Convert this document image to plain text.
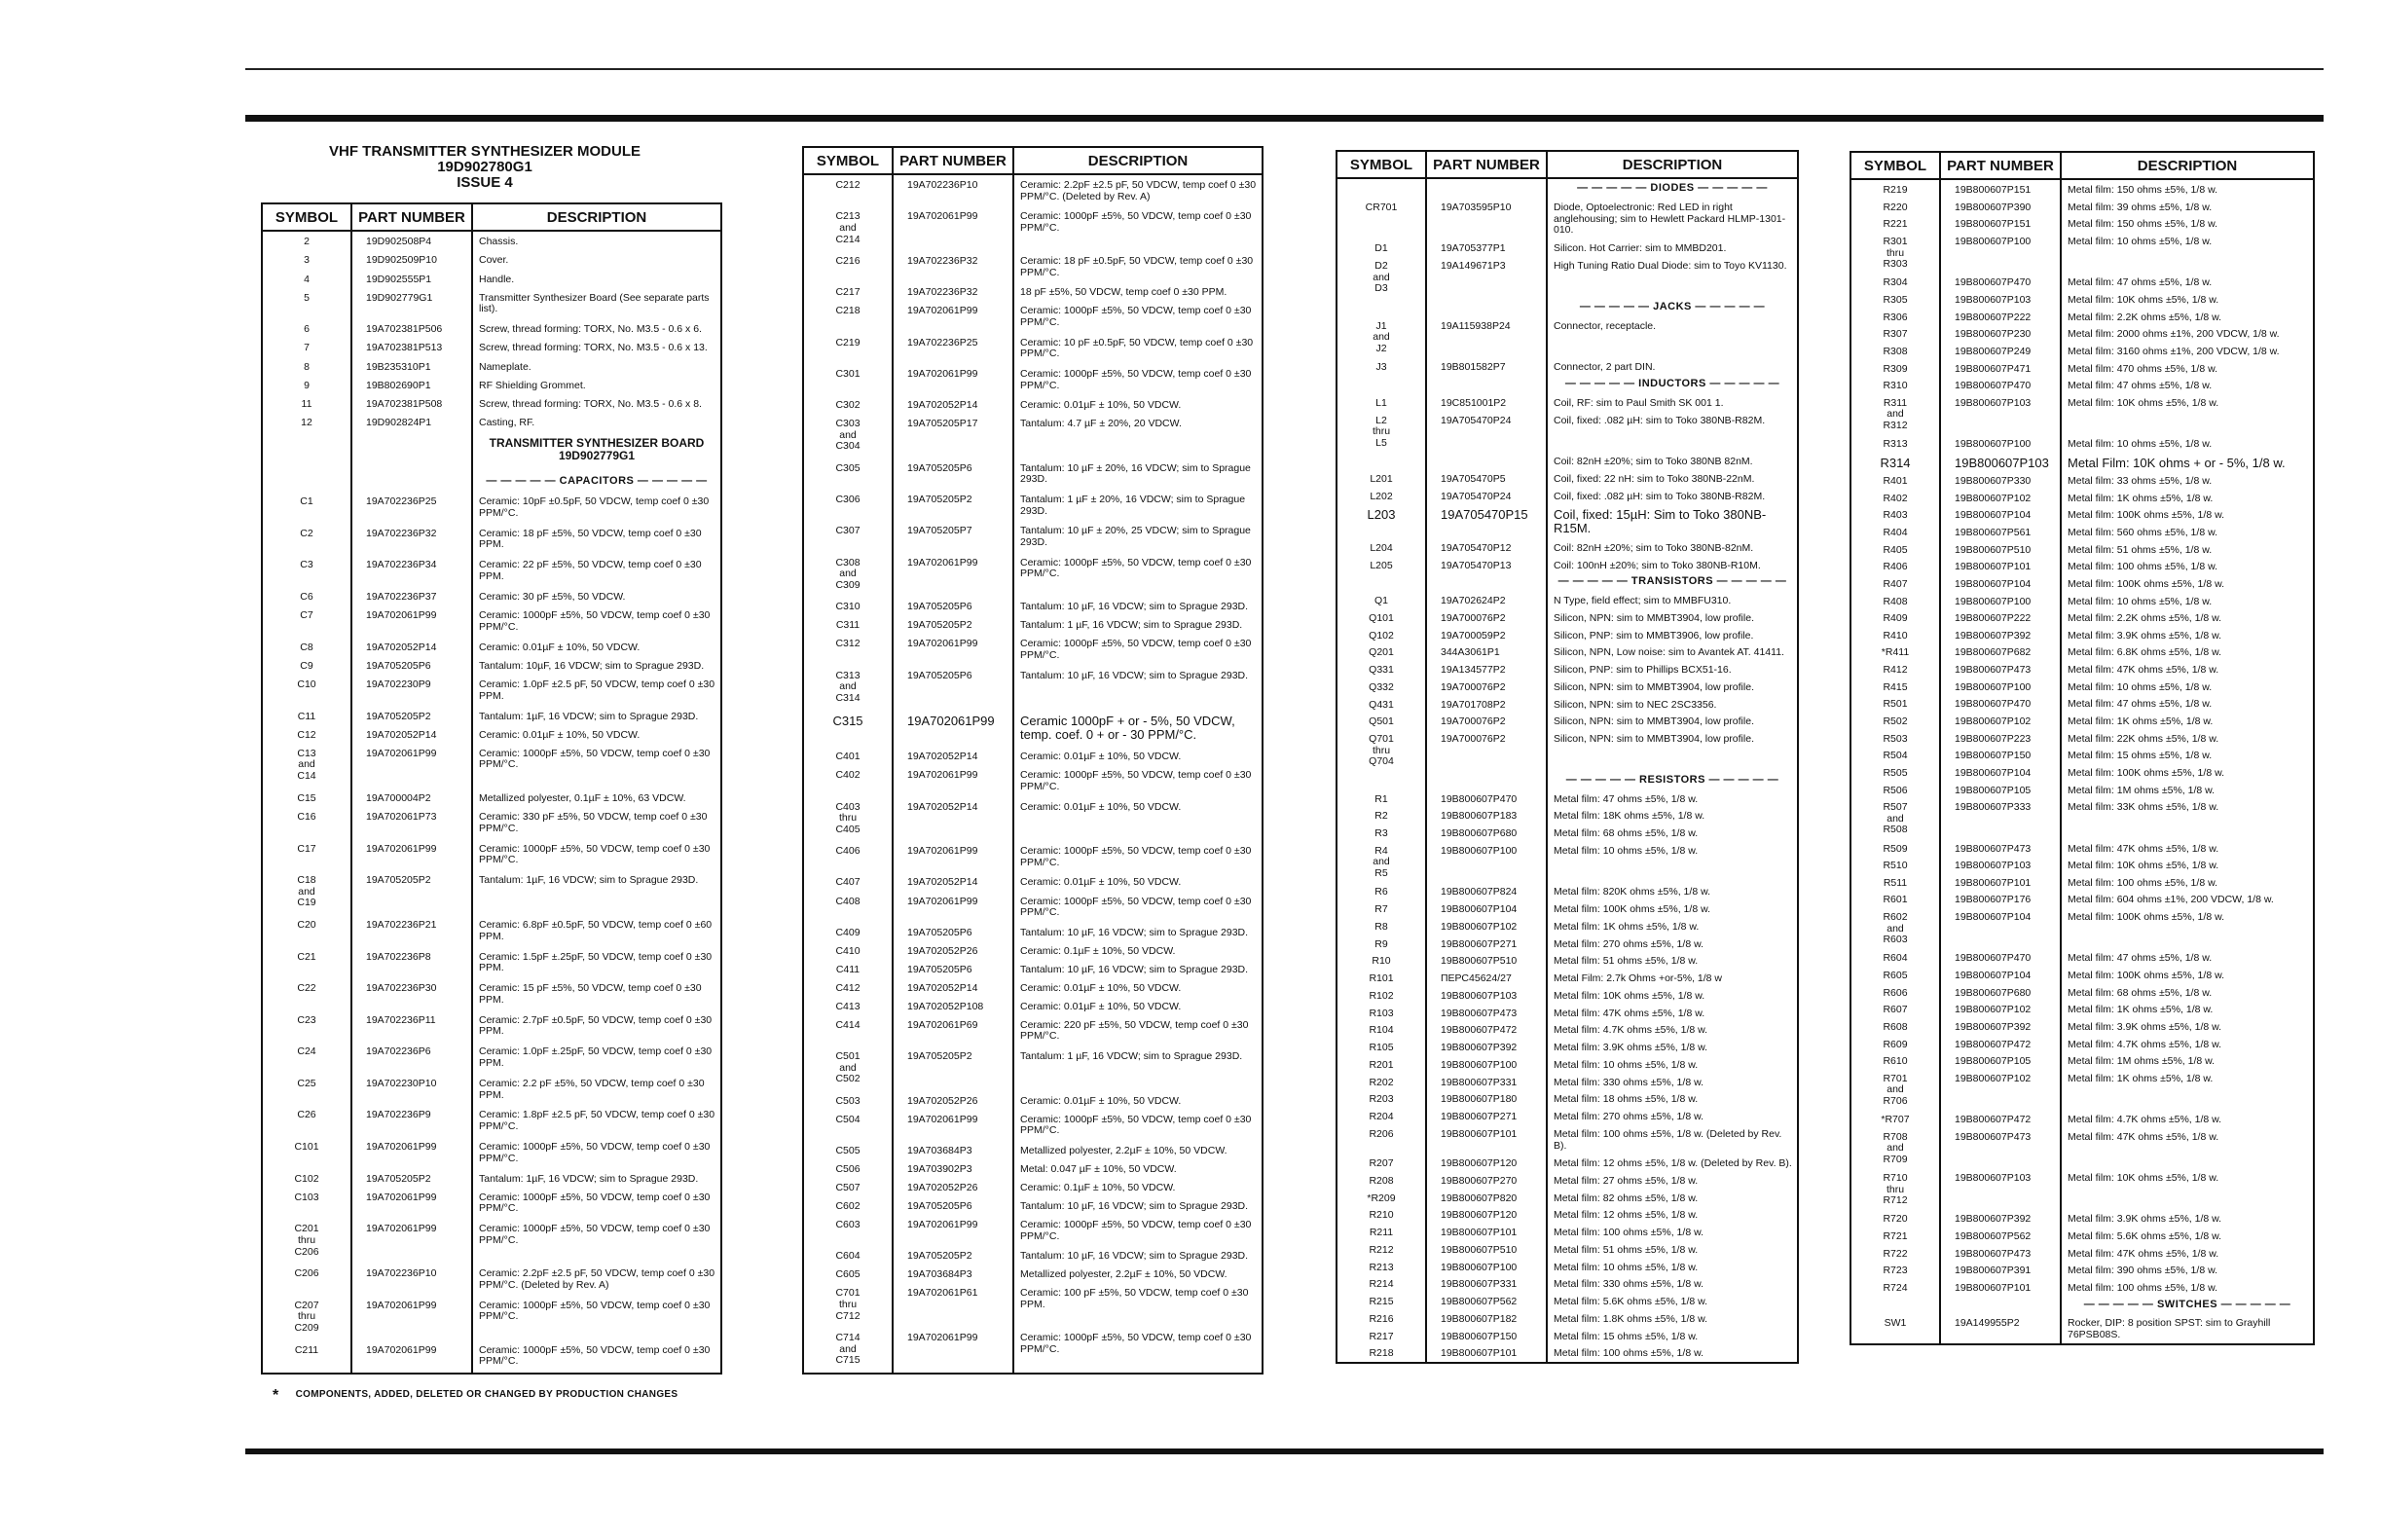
VHF TRANSMITTER SYNTHESIZER MODULE
19D902780G1
ISSUE 4
SYMBOL	PART NUMBER	DESCRIPTION
2	19D902508P4	Chassis.
3	19D902509P10	Cover.
4	19D902555P1	Handle.
5	19D902779G1	Transmitter Synthesizer Board (See separate parts list).
6	19A702381P506	Screw, thread forming: TORX, No. M3.5 - 0.6 x 6.
7	19A702381P513	Screw, thread forming: TORX, No. M3.5 - 0.6 x 13.
8	19B235310P1	Nameplate.
9	19B802690P1	RF Shielding Grommet.
11	19A702381P508	Screw, thread forming: TORX, No. M3.5 - 0.6 x 8.
12	19D902824P1	Casting, RF.

		TRANSMITTER SYNTHESIZER BOARD
19D902779G1

		— — — — — CAPACITORS — — — — —

C1	19A702236P25	Ceramic: 10pF ±0.5pF, 50 VDCW, temp coef 0 ±30 PPM/°C.
C2	19A702236P32	Ceramic: 18 pF ±5%, 50 VDCW, temp coef 0 ±30 PPM.
C3	19A702236P34	Ceramic: 22 pF ±5%, 50 VDCW, temp coef 0 ±30 PPM.
C6	19A702236P37	Ceramic: 30 pF ±5%, 50 VDCW.
C7	19A702061P99	Ceramic: 1000pF ±5%, 50 VDCW, temp coef 0 ±30 PPM/°C.
C8	19A702052P14	Ceramic: 0.01µF ± 10%, 50 VDCW.
C9	19A705205P6	Tantalum: 10µF, 16 VDCW; sim to Sprague 293D.
C10	19A702230P9	Ceramic: 1.0pF ±2.5 pF, 50 VDCW, temp coef 0 ±30 PPM.
C11	19A705205P2	Tantalum: 1µF, 16 VDCW; sim to Sprague 293D.
C12	19A702052P14	Ceramic: 0.01µF ± 10%, 50 VDCW.
C13
and
C14	19A702061P99	Ceramic: 1000pF ±5%, 50 VDCW, temp coef 0 ±30 PPM/°C.
C15	19A700004P2	Metallized polyester, 0.1µF ± 10%, 63 VDCW.
C16	19A702061P73	Ceramic: 330 pF ±5%, 50 VDCW, temp coef 0 ±30 PPM/°C.
C17	19A702061P99	Ceramic: 1000pF ±5%, 50 VDCW, temp coef 0 ±30 PPM/°C.
C18
and
C19	19A705205P2	Tantalum: 1µF, 16 VDCW; sim to Sprague 293D.
C20	19A702236P21	Ceramic: 6.8pF ±0.5pF, 50 VDCW, temp coef 0 ±60 PPM.
C21	19A702236P8	Ceramic: 1.5pF ±.25pF, 50 VDCW, temp coef 0 ±30 PPM.
C22	19A702236P30	Ceramic: 15 pF ±5%, 50 VDCW, temp coef 0 ±30 PPM.
C23	19A702236P11	Ceramic: 2.7pF ±0.5pF, 50 VDCW, temp coef 0 ±30 PPM.
C24	19A702236P6	Ceramic: 1.0pF ±.25pF, 50 VDCW, temp coef 0 ±30 PPM.
C25	19A702230P10	Ceramic: 2.2 pF ±5%, 50 VDCW, temp coef 0 ±30 PPM.
C26	19A702236P9	Ceramic: 1.8pF ±2.5 pF, 50 VDCW, temp coef 0 ±30 PPM/°C.
C101	19A702061P99	Ceramic: 1000pF ±5%, 50 VDCW, temp coef 0 ±30 PPM/°C.
C102	19A705205P2	Tantalum: 1µF, 16 VDCW; sim to Sprague 293D.
C103	19A702061P99	Ceramic: 1000pF ±5%, 50 VDCW, temp coef 0 ±30 PPM/°C.
C201
thru
C206	19A702061P99	Ceramic: 1000pF ±5%, 50 VDCW, temp coef 0 ±30 PPM/°C.
C206	19A702236P10	Ceramic: 2.2pF ±2.5 pF, 50 VDCW, temp coef 0 ±30 PPM/°C. (Deleted by Rev. A)
C207
thru
C209	19A702061P99	Ceramic: 1000pF ±5%, 50 VDCW, temp coef 0 ±30 PPM/°C.
C211	19A702061P99	Ceramic: 1000pF ±5%, 50 VDCW, temp coef 0 ±30 PPM/°C.

SYMBOL	PART NUMBER	DESCRIPTION
C212	19A702236P10	Ceramic: 2.2pF ±2.5 pF, 50 VDCW, temp coef 0 ±30 PPM/°C. (Deleted by Rev. A)
C213
and
C214	19A702061P99	Ceramic: 1000pF ±5%, 50 VDCW, temp coef 0 ±30 PPM/°C.
C216	19A702236P32	Ceramic: 18 pF ±0.5pF, 50 VDCW, temp coef 0 ±30 PPM/°C.
C217	19A702236P32	18 pF ±5%, 50 VDCW, temp coef 0 ±30 PPM.
C218	19A702061P99	Ceramic: 1000pF ±5%, 50 VDCW, temp coef 0 ±30 PPM/°C.
C219	19A702236P25	Ceramic: 10 pF ±0.5pF, 50 VDCW, temp coef 0 ±30 PPM/°C.
C301	19A702061P99	Ceramic: 1000pF ±5%, 50 VDCW, temp coef 0 ±30 PPM/°C.
C302	19A702052P14	Ceramic: 0.01µF ± 10%, 50 VDCW.
C303
and
C304	19A705205P17	Tantalum: 4.7 µF ± 20%, 20 VDCW.
C305	19A705205P6	Tantalum: 10 µF ± 20%, 16 VDCW; sim to Sprague 293D.
C306	19A705205P2	Tantalum: 1 µF ± 20%, 16 VDCW; sim to Sprague 293D.
C307	19A705205P7	Tantalum: 10 µF ± 20%, 25 VDCW; sim to Sprague 293D.
C308
and
C309	19A702061P99	Ceramic: 1000pF ±5%, 50 VDCW, temp coef 0 ±30 PPM/°C.
C310	19A705205P6	Tantalum: 10 µF, 16 VDCW; sim to Sprague 293D.
C311	19A705205P2	Tantalum: 1 µF, 16 VDCW; sim to Sprague 293D.
C312	19A702061P99	Ceramic: 1000pF ±5%, 50 VDCW, temp coef 0 ±30 PPM/°C.
C313
and
C314	19A705205P6	Tantalum: 10 µF, 16 VDCW; sim to Sprague 293D.
C315	19A702061P99	Ceramic 1000pF + or - 5%, 50 VDCW, temp. coef. 0 + or - 30 PPM/°C.
C401	19A702052P14	Ceramic: 0.01µF ± 10%, 50 VDCW.
C402	19A702061P99	Ceramic: 1000pF ±5%, 50 VDCW, temp coef 0 ±30 PPM/°C.
C403
thru
C405	19A702052P14	Ceramic: 0.01µF ± 10%, 50 VDCW.
C406	19A702061P99	Ceramic: 1000pF ±5%, 50 VDCW, temp coef 0 ±30 PPM/°C.
C407	19A702052P14	Ceramic: 0.01µF ± 10%, 50 VDCW.
C408	19A702061P99	Ceramic: 1000pF ±5%, 50 VDCW, temp coef 0 ±30 PPM/°C.
C409	19A705205P6	Tantalum: 10 µF, 16 VDCW; sim to Sprague 293D.
C410	19A702052P26	Ceramic: 0.1µF ± 10%, 50 VDCW.
C411	19A705205P6	Tantalum: 10 µF, 16 VDCW; sim to Sprague 293D.
C412	19A702052P14	Ceramic: 0.01µF ± 10%, 50 VDCW.
C413	19A702052P108	Ceramic: 0.01µF ± 10%, 50 VDCW.
C414	19A702061P69	Ceramic: 220 pF ±5%, 50 VDCW, temp coef 0 ±30 PPM/°C.
C501
and
C502	19A705205P2	Tantalum: 1 µF, 16 VDCW; sim to Sprague 293D.
C503	19A702052P26	Ceramic: 0.01µF ± 10%, 50 VDCW.
C504	19A702061P99	Ceramic: 1000pF ±5%, 50 VDCW, temp coef 0 ±30 PPM/°C.
C505	19A703684P3	Metallized polyester, 2.2µF ± 10%, 50 VDCW.
C506	19A703902P3	Metal: 0.047 µF ± 10%, 50 VDCW.
C507	19A702052P26	Ceramic: 0.1µF ± 10%, 50 VDCW.
C602	19A705205P6	Tantalum: 10 µF, 16 VDCW; sim to Sprague 293D.
C603	19A702061P99	Ceramic: 1000pF ±5%, 50 VDCW, temp coef 0 ±30 PPM/°C.
C604	19A705205P2	Tantalum: 10 µF, 16 VDCW; sim to Sprague 293D.
C605	19A703684P3	Metallized polyester, 2.2µF ± 10%, 50 VDCW.
C701
thru
C712	19A702061P61	Ceramic: 100 pF ±5%, 50 VDCW, temp coef 0 ±30 PPM.
C714
and
C715	19A702061P99	Ceramic: 1000pF ±5%, 50 VDCW, temp coef 0 ±30 PPM/°C.

SYMBOL	PART NUMBER	DESCRIPTION

		— — — — — DIODES — — — — —

CR701	19A703595P10	Diode, Optoelectronic: Red LED in right anglehousing; sim to Hewlett Packard HLMP-1301-010.
D1	19A705377P1	Silicon. Hot Carrier: sim to MMBD201.
D2
and
D3	19A149671P3	High Tuning Ratio Dual Diode: sim to Toyo KV1130.

		— — — — — JACKS — — — — —

J1
and
J2	19A115938P24	Connector, receptacle.
J3	19B801582P7	Connector, 2 part DIN.

		— — — — — INDUCTORS — — — — —

L1	19C851001P2	Coil, RF: sim to Paul Smith SK 001 1.
L2
thru
L5	19A705470P24	Coil, fixed: .082 µH: sim to Toko 380NB-R82M.
		Coil: 82nH ±20%; sim to Toko 380NB 82nM.
L201	19A705470P5	Coil, fixed: 22 nH: sim to Toko 380NB-22nM.
L202	19A705470P24	Coil, fixed: .082 µH: sim to Toko 380NB-R82M.
L203	19A705470P15	Coil, fixed: 15µH: Sim to Toko 380NB-R15M.
L204	19A705470P12	Coil: 82nH ±20%; sim to Toko 380NB-82nM.
L205	19A705470P13	Coil: 100nH ±20%; sim to Toko 380NB-R10M.

		— — — — — TRANSISTORS — — — — —

Q1	19A702624P2	N Type, field effect; sim to MMBFU310.
Q101	19A700076P2	Silicon, NPN: sim to MMBT3904, low profile.
Q102	19A700059P2	Silicon, PNP: sim to MMBT3906, low profile.
Q201	344A3061P1	Silicon, NPN, Low noise: sim to Avantek AT. 41411.
Q331	19A134577P2	Silicon, PNP: sim to Phillips BCX51-16.
Q332	19A700076P2	Silicon, NPN: sim to MMBT3904, low profile.
Q431	19A701708P2	Silicon, NPN: sim to NEC 2SC3356.
Q501	19A700076P2	Silicon, NPN: sim to MMBT3904, low profile.
Q701
thru
Q704	19A700076P2	Silicon, NPN: sim to MMBT3904, low profile.

		— — — — — RESISTORS — — — — —

R1	19B800607P470	Metal film: 47 ohms ±5%, 1/8 w.
R2	19B800607P183	Metal film: 18K ohms ±5%, 1/8 w.
R3	19B800607P680	Metal film: 68 ohms ±5%, 1/8 w.
R4
and
R5	19B800607P100	Metal film: 10 ohms ±5%, 1/8 w.
R6	19B800607P824	Metal film: 820K ohms ±5%, 1/8 w.
R7	19B800607P104	Metal film: 100K ohms ±5%, 1/8 w.
R8	19B800607P102	Metal film: 1K ohms ±5%, 1/8 w.
R9	19B800607P271	Metal film: 270 ohms ±5%, 1/8 w.
R10	19B800607P510	Metal film: 51 ohms ±5%, 1/8 w.
R101	ПЕРС45624/27	Metal Film: 2.7k Ohms +or-5%, 1/8 w
R102	19B800607P103	Metal film: 10K ohms ±5%, 1/8 w.
R103	19B800607P473	Metal film: 47K ohms ±5%, 1/8 w.
R104	19B800607P472	Metal film: 4.7K ohms ±5%, 1/8 w.
R105	19B800607P392	Metal film: 3.9K ohms ±5%, 1/8 w.
R201	19B800607P100	Metal film: 10 ohms ±5%, 1/8 w.
R202	19B800607P331	Metal film: 330 ohms ±5%, 1/8 w.
R203	19B800607P180	Metal film: 18 ohms ±5%, 1/8 w.
R204	19B800607P271	Metal film: 270 ohms ±5%, 1/8 w.
R206	19B800607P101	Metal film: 100 ohms ±5%, 1/8 w. (Deleted by Rev. B).
R207	19B800607P120	Metal film: 12 ohms ±5%, 1/8 w. (Deleted by Rev. B).
R208	19B800607P270	Metal film: 27 ohms ±5%, 1/8 w.
*R209	19B800607P820	Metal film: 82 ohms ±5%, 1/8 w.
R210	19B800607P120	Metal film: 12 ohms ±5%, 1/8 w.
R211	19B800607P101	Metal film: 100 ohms ±5%, 1/8 w.
R212	19B800607P510	Metal film: 51 ohms ±5%, 1/8 w.
R213	19B800607P100	Metal film: 10 ohms ±5%, 1/8 w.
R214	19B800607P331	Metal film: 330 ohms ±5%, 1/8 w.
R215	19B800607P562	Metal film: 5.6K ohms ±5%, 1/8 w.
R216	19B800607P182	Metal film: 1.8K ohms ±5%, 1/8 w.
R217	19B800607P150	Metal film: 15 ohms ±5%, 1/8 w.
R218	19B800607P101	Metal film: 100 ohms ±5%, 1/8 w.

SYMBOL	PART NUMBER	DESCRIPTION
R219	19B800607P151	Metal film: 150 ohms ±5%, 1/8 w.
R220	19B800607P390	Metal film: 39 ohms ±5%, 1/8 w.
R221	19B800607P151	Metal film: 150 ohms ±5%, 1/8 w.
R301
thru
R303	19B800607P100	Metal film: 10 ohms ±5%, 1/8 w.
R304	19B800607P470	Metal film: 47 ohms ±5%, 1/8 w.
R305	19B800607P103	Metal film: 10K ohms ±5%, 1/8 w.
R306	19B800607P222	Metal film: 2.2K ohms ±5%, 1/8 w.
R307	19B800607P230	Metal film: 2000 ohms ±1%, 200 VDCW, 1/8 w.
R308	19B800607P249	Metal film: 3160 ohms ±1%, 200 VDCW, 1/8 w.
R309	19B800607P471	Metal film: 470 ohms ±5%, 1/8 w.
R310	19B800607P470	Metal film: 47 ohms ±5%, 1/8 w.
R311
and
R312	19B800607P103	Metal film: 10K ohms ±5%, 1/8 w.
R313	19B800607P100	Metal film: 10 ohms ±5%, 1/8 w.
R314	19B800607P103	Metal Film: 10K ohms + or - 5%, 1/8 w.
R401	19B800607P330	Metal film: 33 ohms ±5%, 1/8 w.
R402	19B800607P102	Metal film: 1K ohms ±5%, 1/8 w.
R403	19B800607P104	Metal film: 100K ohms ±5%, 1/8 w.
R404	19B800607P561	Metal film: 560 ohms ±5%, 1/8 w.
R405	19B800607P510	Metal film: 51 ohms ±5%, 1/8 w.
R406	19B800607P101	Metal film: 100 ohms ±5%, 1/8 w.
R407	19B800607P104	Metal film: 100K ohms ±5%, 1/8 w.
R408	19B800607P100	Metal film: 10 ohms ±5%, 1/8 w.
R409	19B800607P222	Metal film: 2.2K ohms ±5%, 1/8 w.
R410	19B800607P392	Metal film: 3.9K ohms ±5%, 1/8 w.
*R411	19B800607P682	Metal film: 6.8K ohms ±5%, 1/8 w.
R412	19B800607P473	Metal film: 47K ohms ±5%, 1/8 w.
R415	19B800607P100	Metal film: 10 ohms ±5%, 1/8 w.
R501	19B800607P470	Metal film: 47 ohms ±5%, 1/8 w.
R502	19B800607P102	Metal film: 1K ohms ±5%, 1/8 w.
R503	19B800607P223	Metal film: 22K ohms ±5%, 1/8 w.
R504	19B800607P150	Metal film: 15 ohms ±5%, 1/8 w.
R505	19B800607P104	Metal film: 100K ohms ±5%, 1/8 w.
R506	19B800607P105	Metal film: 1M ohms ±5%, 1/8 w.
R507
and
R508	19B800607P333	Metal film: 33K ohms ±5%, 1/8 w.
R509	19B800607P473	Metal film: 47K ohms ±5%, 1/8 w.
R510	19B800607P103	Metal film: 10K ohms ±5%, 1/8 w.
R511	19B800607P101	Metal film: 100 ohms ±5%, 1/8 w.
R601	19B800607P176	Metal film: 604 ohms ±1%, 200 VDCW, 1/8 w.
R602
and
R603	19B800607P104	Metal film: 100K ohms ±5%, 1/8 w.
R604	19B800607P470	Metal film: 47 ohms ±5%, 1/8 w.
R605	19B800607P104	Metal film: 100K ohms ±5%, 1/8 w.
R606	19B800607P680	Metal film: 68 ohms ±5%, 1/8 w.
R607	19B800607P102	Metal film: 1K ohms ±5%, 1/8 w.
R608	19B800607P392	Metal film: 3.9K ohms ±5%, 1/8 w.
R609	19B800607P472	Metal film: 4.7K ohms ±5%, 1/8 w.
R610	19B800607P105	Metal film: 1M ohms ±5%, 1/8 w.
R701
and
R706	19B800607P102	Metal film: 1K ohms ±5%, 1/8 w.
*R707	19B800607P472	Metal film: 4.7K ohms ±5%, 1/8 w.
R708
and
R709	19B800607P473	Metal film: 47K ohms ±5%, 1/8 w.
R710
thru
R712	19B800607P103	Metal film: 10K ohms ±5%, 1/8 w.
R720	19B800607P392	Metal film: 3.9K ohms ±5%, 1/8 w.
R721	19B800607P562	Metal film: 5.6K ohms ±5%, 1/8 w.
R722	19B800607P473	Metal film: 47K ohms ±5%, 1/8 w.
R723	19B800607P391	Metal film: 390 ohms ±5%, 1/8 w.
R724	19B800607P101	Metal film: 100 ohms ±5%, 1/8 w.

		— — — — — SWITCHES — — — — —

SW1	19A149955P2	Rocker, DIP: 8 position SPST: sim to Grayhill 76PSB08S.

* COMPONENTS, ADDED, DELETED OR CHANGED BY PRODUCTION CHANGES
